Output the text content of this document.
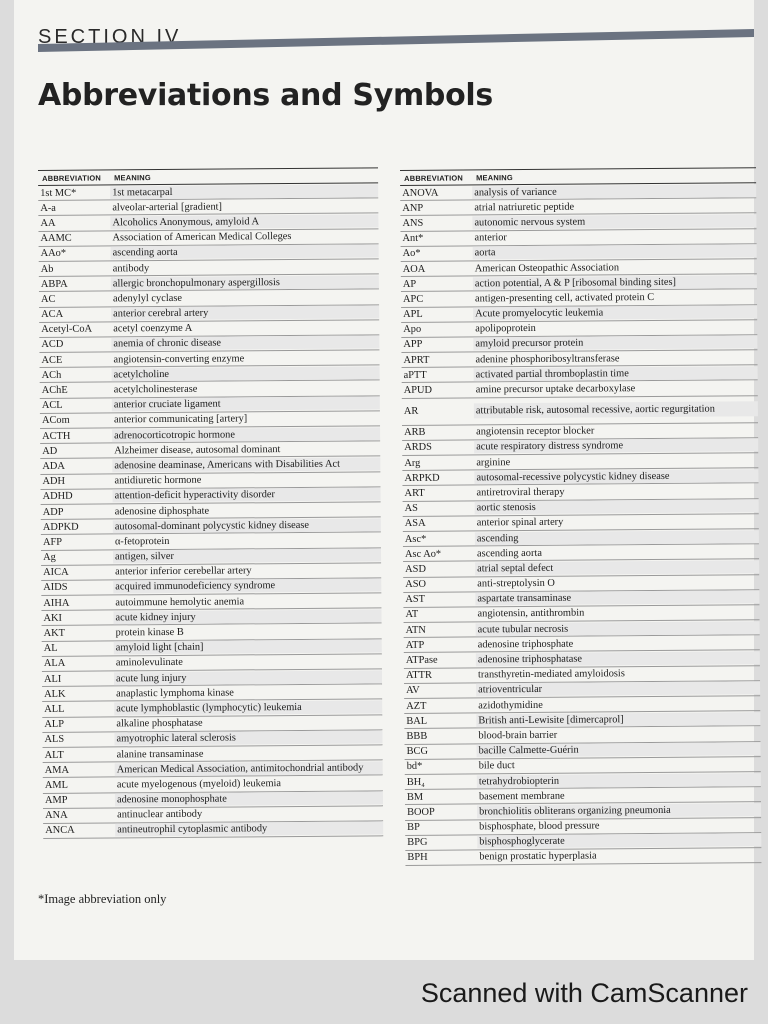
SECTION IV
Abbreviations and Symbols
ABBREVIATION	MEANING
1st MC*	1st metacarpal
A-a	alveolar-arterial [gradient]
AA	Alcoholics Anonymous, amyloid A
AAMC	Association of American Medical Colleges
AAo*	ascending aorta
Ab	antibody
ABPA	allergic bronchopulmonary aspergillosis
AC	adenylyl cyclase
ACA	anterior cerebral artery
Acetyl-CoA	acetyl coenzyme A
ACD	anemia of chronic disease
ACE	angiotensin-converting enzyme
ACh	acetylcholine
AChE	acetylcholinesterase
ACL	anterior cruciate ligament
ACom	anterior communicating [artery]
ACTH	adrenocorticotropic hormone
AD	Alzheimer disease, autosomal dominant
ADA	adenosine deaminase, Americans with Disabilities Act
ADH	antidiuretic hormone
ADHD	attention-deficit hyperactivity disorder
ADP	adenosine diphosphate
ADPKD	autosomal-dominant polycystic kidney disease
AFP	α-fetoprotein
Ag	antigen, silver
AICA	anterior inferior cerebellar artery
AIDS	acquired immunodeficiency syndrome
AIHA	autoimmune hemolytic anemia
AKI	acute kidney injury
AKT	protein kinase B
AL	amyloid light [chain]
ALA	aminolevulinate
ALI	acute lung injury
ALK	anaplastic lymphoma kinase
ALL	acute lymphoblastic (lymphocytic) leukemia
ALP	alkaline phosphatase
ALS	amyotrophic lateral sclerosis
ALT	alanine transaminase
AMA	American Medical Association, antimitochondrial antibody
AML	acute myelogenous (myeloid) leukemia
AMP	adenosine monophosphate
ANA	antinuclear antibody
ANCA	antineutrophil cytoplasmic antibody
ABBREVIATION	MEANING
ANOVA	analysis of variance
ANP	atrial natriuretic peptide
ANS	autonomic nervous system
Ant*	anterior
Ao*	aorta
AOA	American Osteopathic Association
AP	action potential, A & P [ribosomal binding sites]
APC	antigen-presenting cell, activated protein C
APL	Acute promyelocytic leukemia
Apo	apolipoprotein
APP	amyloid precursor protein
APRT	adenine phosphoribosyltransferase
aPTT	activated partial thromboplastin time
APUD	amine precursor uptake decarboxylase
AR	attributable risk, autosomal recessive, aortic regurgitation
ARB	angiotensin receptor blocker
ARDS	acute respiratory distress syndrome
Arg	arginine
ARPKD	autosomal-recessive polycystic kidney disease
ART	antiretroviral therapy
AS	aortic stenosis
ASA	anterior spinal artery
Asc*	ascending
Asc Ao*	ascending aorta
ASD	atrial septal defect
ASO	anti-streptolysin O
AST	aspartate transaminase
AT	angiotensin, antithrombin
ATN	acute tubular necrosis
ATP	adenosine triphosphate
ATPase	adenosine triphosphatase
ATTR	transthyretin-mediated amyloidosis
AV	atrioventricular
AZT	azidothymidine
BAL	British anti-Lewisite [dimercaprol]
BBB	blood-brain barrier
BCG	bacille Calmette-Guérin
bd*	bile duct
BH₄	tetrahydrobiopterin
BM	basement membrane
BOOP	bronchiolitis obliterans organizing pneumonia
BP	bisphosphate, blood pressure
BPG	bisphosphoglycerate
BPH	benign prostatic hyperplasia
*Image abbreviation only
Scanned with CamScanner
